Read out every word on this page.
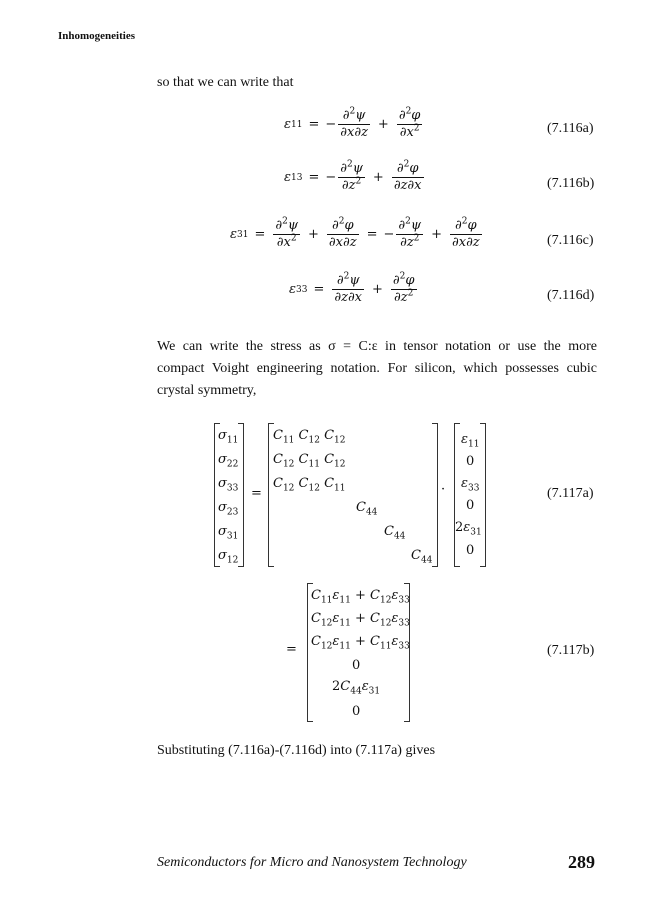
Inhomogeneities
so that we can write that
ε 11 = − $\frac{\partial^2\psi}{\partial x\partial z} + \frac{\partial^2\varphi}{\partial x^2}$	(7.116a)
ε 13 = − $\frac{\partial^2\psi}{\partial z^2} + \frac{\partial^2\varphi}{\partial z\partial x}$	(7.116b)
ε $31 = \frac{\partial^2\psi}{\partial x^2} + \frac{\partial^2\varphi}{\partial x\partial z}$ = − $\frac{\partial^2\psi}{\partial z^2} + \frac{\partial^2\varphi}{\partial x\partial z}$	(7.116c)
ε $33 = \frac{\partial^2\psi}{\partial z\partial x} + \frac{\partial^2\varphi}{\partial z^2}$	(7.116d)
We can write the stress as σ = C:ε in tensor notation or use the more
compact Voight engineering notation. For silicon, which possesses cubic
crystal symmetry,
$\sigma_{11}$
$\sigma_{22}$
$\sigma_{33}$
$\sigma_{23}$
$\sigma_{31}$
$\sigma_{12}$
=
$C_{11}$ $C_{12}$ $C_{12}$
$C_{12}$ $C_{11}$ $C_{12}$
$C_{12}$ $C_{12}$ $C_{11}$
$C_{44}$
$C_{44}$
$C_{44}$
·
$\varepsilon_{11}$
0
$\varepsilon_{33}$
0
$2\varepsilon_{31}$
0
(7.117a)
=
$C_{11}\varepsilon_{11} + C_{12}\varepsilon_{33}$
$C_{12}\varepsilon_{11} + C_{12}\varepsilon_{33}$
$C_{12}\varepsilon_{11} + C_{11}\varepsilon_{33}$
0
$2C_{44}\varepsilon_{31}$
0
(7.117b)
Substituting (7.116a)-(7.116d) into (7.117a) gives
Semiconductors for Micro and Nanosystem Technology	289
